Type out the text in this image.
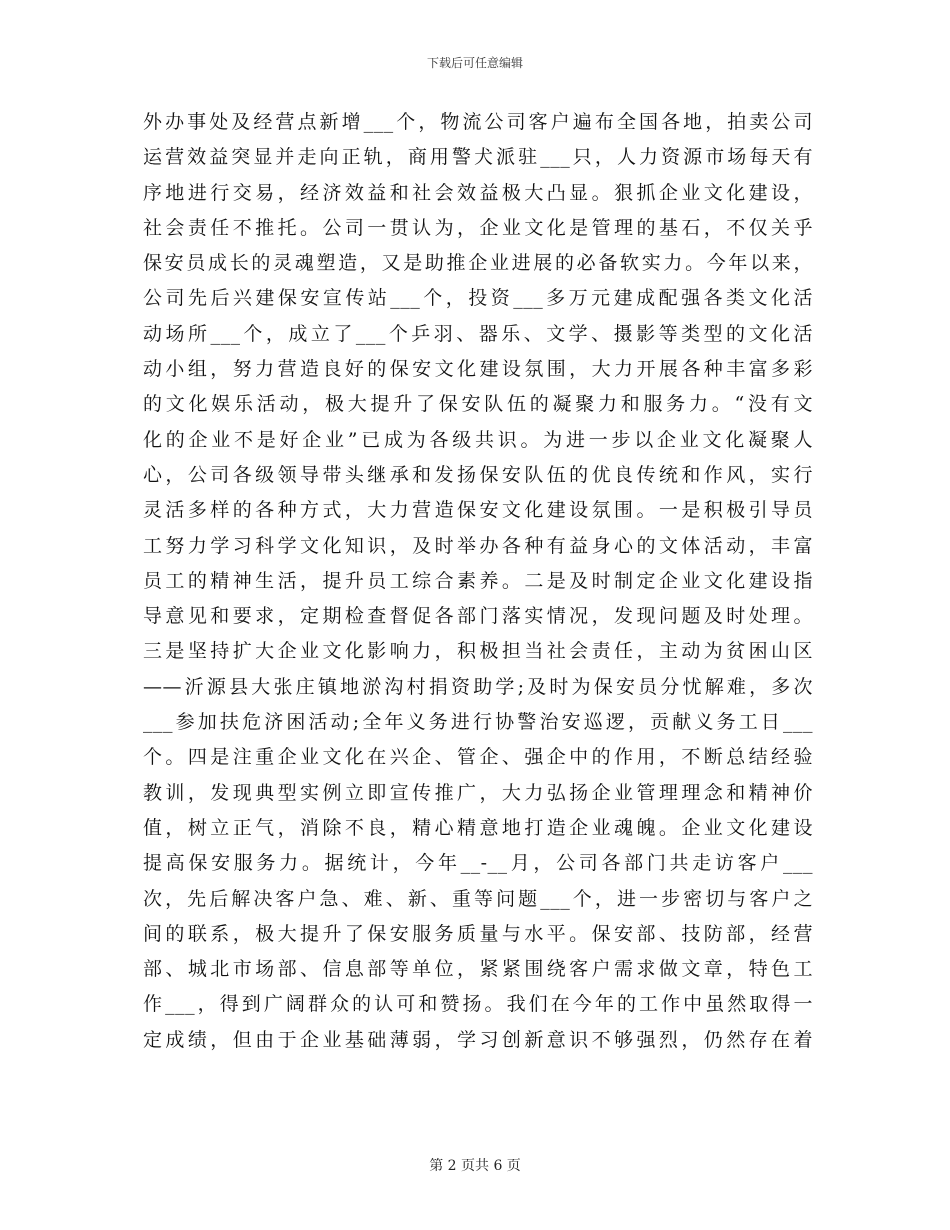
下载后可任意编辑
外办事处及经营点新增___个，物流公司客户遍布全国各地，拍卖公司
运营效益突显并走向正轨，商用警犬派驻___只，人力资源市场每天有
序地进行交易，经济效益和社会效益极大凸显。狠抓企业文化建设，
社会责任不推托。公司一贯认为，企业文化是管理的基石，不仅关乎
保安员成长的灵魂塑造，又是助推企业进展的必备软实力。今年以来，
公司先后兴建保安宣传站___个，投资___多万元建成配强各类文化活
动场所___个，成立了___个乒羽、器乐、文学、摄影等类型的文化活
动小组，努力营造良好的保安文化建设氛围，大力开展各种丰富多彩
的文化娱乐活动，极大提升了保安队伍的凝聚力和服务力。“没有文
化的企业不是好企业”已成为各级共识。为进一步以企业文化凝聚人
心，公司各级领导带头继承和发扬保安队伍的优良传统和作风，实行
灵活多样的各种方式，大力营造保安文化建设氛围。一是积极引导员
工努力学习科学文化知识，及时举办各种有益身心的文体活动，丰富
员工的精神生活，提升员工综合素养。二是及时制定企业文化建设指
导意见和要求，定期检查督促各部门落实情况，发现问题及时处理。
三是坚持扩大企业文化影响力，积极担当社会责任，主动为贫困山区
——沂源县大张庄镇地淤沟村捐资助学;及时为保安员分忧解难，多次
___参加扶危济困活动;全年义务进行协警治安巡逻，贡献义务工日___
个。四是注重企业文化在兴企、管企、强企中的作用，不断总结经验
教训，发现典型实例立即宣传推广，大力弘扬企业管理理念和精神价
值，树立正气，消除不良，精心精意地打造企业魂魄。企业文化建设
提高保安服务力。据统计，今年__-__月，公司各部门共走访客户___
次，先后解决客户急、难、新、重等问题___个，进一步密切与客户之
间的联系，极大提升了保安服务质量与水平。保安部、技防部，经营
部、城北市场部、信息部等单位，紧紧围绕客户需求做文章，特色工
作___，得到广阔群众的认可和赞扬。我们在今年的工作中虽然取得一
定成绩，但由于企业基础薄弱，学习创新意识不够强烈，仍然存在着
第 2 页共 6 页
